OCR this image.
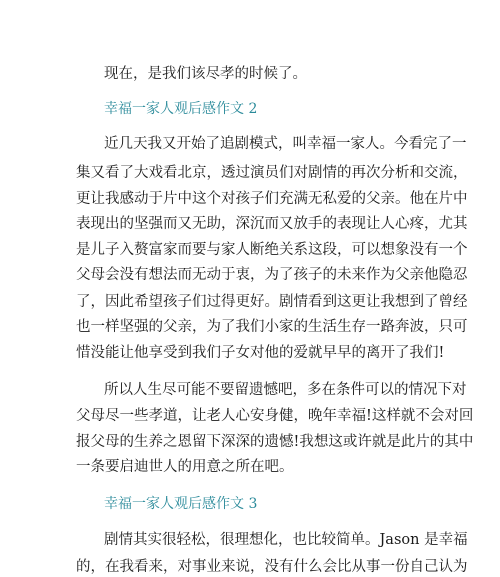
现在，是我们该尽孝的时候了。
幸福一家人观后感作文 2
近几天我又开始了追剧模式，叫幸福一家人。今看完了一
集又看了大戏看北京，透过演员们对剧情的再次分析和交流，
更让我感动于片中这个对孩子们充满无私爱的父亲。他在片中
表现出的坚强而又无助，深沉而又放手的表现让人心疼，尤其
是儿子入赘富家而要与家人断绝关系这段，可以想象没有一个
父母会没有想法而无动于衷，为了孩子的未来作为父亲他隐忍
了，因此希望孩子们过得更好。剧情看到这更让我想到了曾经
也一样坚强的父亲，为了我们小家的生活生存一路奔波，只可
惜没能让他享受到我们子女对他的爱就早早的离开了我们!
所以人生尽可能不要留遗憾吧，多在条件可以的情况下对
父母尽一些孝道，让老人心安身健，晚年幸福!这样就不会对回
报父母的生养之恩留下深深的遗憾!我想这或许就是此片的其中
一条要启迪世人的用意之所在吧。
幸福一家人观后感作文 3
剧情其实很轻松，很理想化，也比较简单。Jason 是幸福
的，在我看来，对事业来说，没有什么会比从事一份自己认为
